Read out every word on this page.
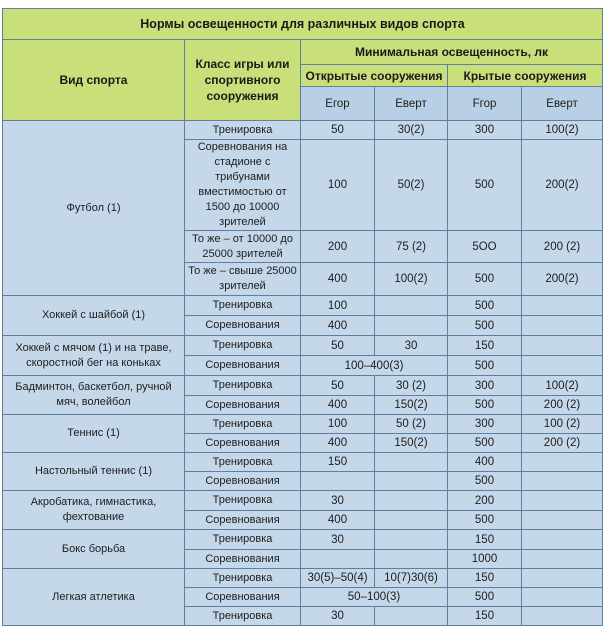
Нормы освещенности для различных видов спорта					
Вид спорта	Класс игры или спортивного сооружения	Минимальная освещенность, лк			
		Открытые сооружения		Крытые сооружения	
		Егор	Еверт	Fгор	Еверт
Футбол (1)	Тренировка	50	30(2)	300	100(2)
	Соревнования на стадионе с трибунами вместимостью от 1500 до 10000 зрителей	100	50(2)	500	200(2)
	То же – от 10000 до 25000 зрителей	200	75 (2)	5OO	200 (2)
	То же – свыше 25000 зрителей	400	100(2)	500	200(2)
Хоккей с шайбой (1)	Тренировка	100		500	
	Соревнования	400		500	
Хоккей с мячом (1) и на траве, скоростной бег на коньках	Тренировка	50	30	150	
	Соревнования	100–400(3)		500	
Бадминтон, баскетбол, ручной мяч, волейбол	Тренировка	50	30 (2)	300	100(2)
	Соревнования	400	150(2)	500	200 (2)
Теннис (1)	Тренировка	100	50 (2)	300	100 (2)
	Соревнования	400	150(2)	500	200 (2)
Настольный теннис (1)	Тренировка	150		400	
	Соревнования			500	
Акробатика, гимнастика, фехтование	Тренировка	30		200	
	Соревнования	400		500	
Бокс борьба	Тренировка	30		150	
	Соревнования			1000	
Легкая атлетика	Тренировка	30(5)–50(4)	10(7)30(6)	150	
	Соревнования	50–100(3)		500	
	Тренировка	30		150	
